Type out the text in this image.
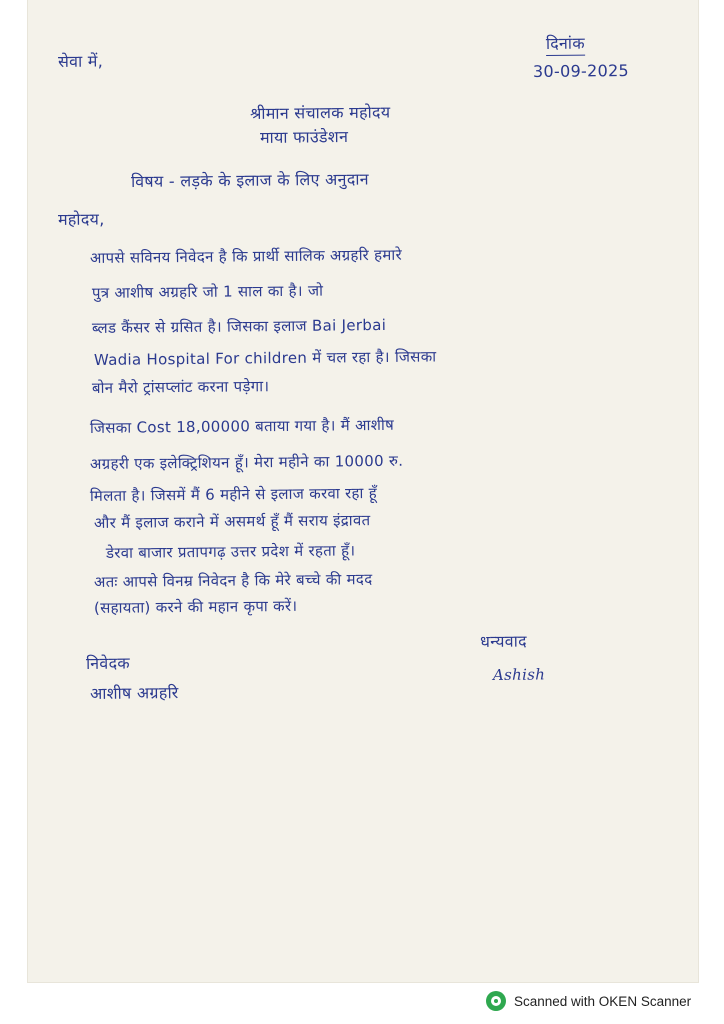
सेवा में,
दिनांक
30-09-2025
श्रीमान संचालक महोदय
माया फाउंडेशन
विषय - लड़के के इलाज के लिए अनुदान
महोदय,
आपसे सविनय निवेदन है कि प्रार्थी सालिक अग्रहरि हमारे
पुत्र आशीष अग्रहरि जो 1 साल का है। जो
ब्लड कैंसर से ग्रसित है। जिसका इलाज Bai Jerbai
Wadia Hospital For children में चल रहा है। जिसका
बोन मैरो ट्रांसप्लांट करना पड़ेगा।
जिसका Cost 18,00000 बताया गया है। मैं आशीष
अग्रहरी एक इलेक्ट्रिशियन हूँ। मेरा महीने का 10000 रु.
मिलता है। जिसमें मैं 6 महीने से इलाज करवा रहा हूँ
और मैं इलाज कराने में असमर्थ हूँ मैं सराय इंद्रावत
डेरवा बाजार प्रतापगढ़ उत्तर प्रदेश में रहता हूँ।
अतः आपसे विनम्र निवेदन है कि मेरे बच्चे की मदद
(सहायता) करने की महान कृपा करें।
धन्यवाद
Ashish
निवेदक
आशीष अग्रहरि
Scanned with OKEN Scanner
